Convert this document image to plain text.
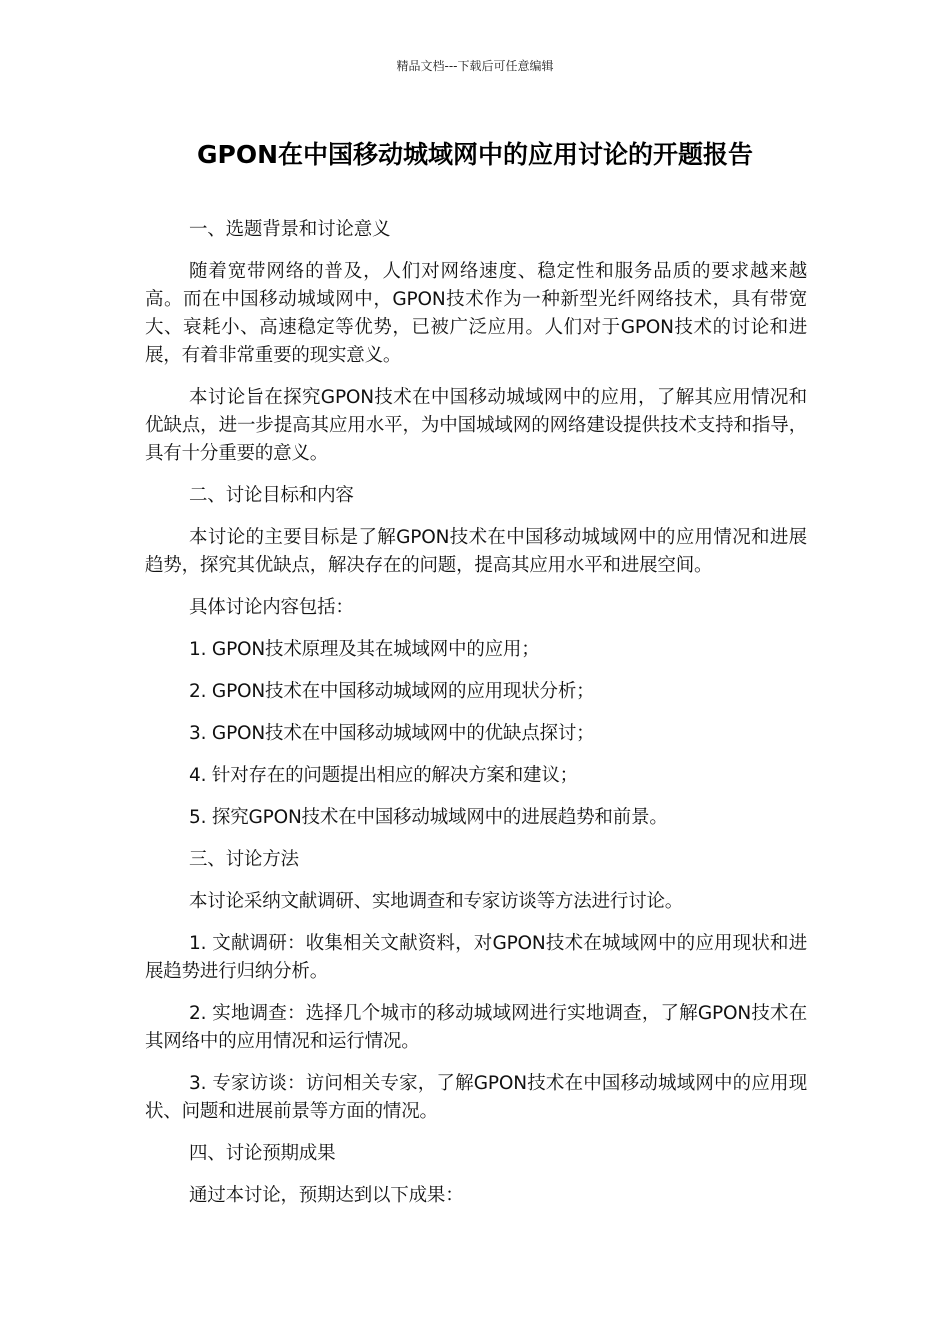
精品文档---下载后可任意编辑
GPON在中国移动城域网中的应用讨论的开题报告

一、选题背景和讨论意义

随着宽带网络的普及，人们对网络速度、稳定性和服务品质的要求越来越高。而在中国移动城域网中，GPON技术作为一种新型光纤网络技术，具有带宽大、衰耗小、高速稳定等优势，已被广泛应用。人们对于GPON技术的讨论和进展，有着非常重要的现实意义。

本讨论旨在探究GPON技术在中国移动城域网中的应用，了解其应用情况和优缺点，进一步提高其应用水平，为中国城域网的网络建设提供技术支持和指导，具有十分重要的意义。

二、讨论目标和内容

本讨论的主要目标是了解GPON技术在中国移动城域网中的应用情况和进展趋势，探究其优缺点，解决存在的问题，提高其应用水平和进展空间。

具体讨论内容包括：

1. GPON技术原理及其在城域网中的应用；

2. GPON技术在中国移动城域网的应用现状分析；

3. GPON技术在中国移动城域网中的优缺点探讨；

4. 针对存在的问题提出相应的解决方案和建议；

5. 探究GPON技术在中国移动城域网中的进展趋势和前景。

三、讨论方法

本讨论采纳文献调研、实地调查和专家访谈等方法进行讨论。

1. 文献调研：收集相关文献资料，对GPON技术在城域网中的应用现状和进展趋势进行归纳分析。

2. 实地调查：选择几个城市的移动城域网进行实地调查，了解GPON技术在其网络中的应用情况和运行情况。

3. 专家访谈：访问相关专家，了解GPON技术在中国移动城域网中的应用现状、问题和进展前景等方面的情况。

四、讨论预期成果

通过本讨论，预期达到以下成果：
